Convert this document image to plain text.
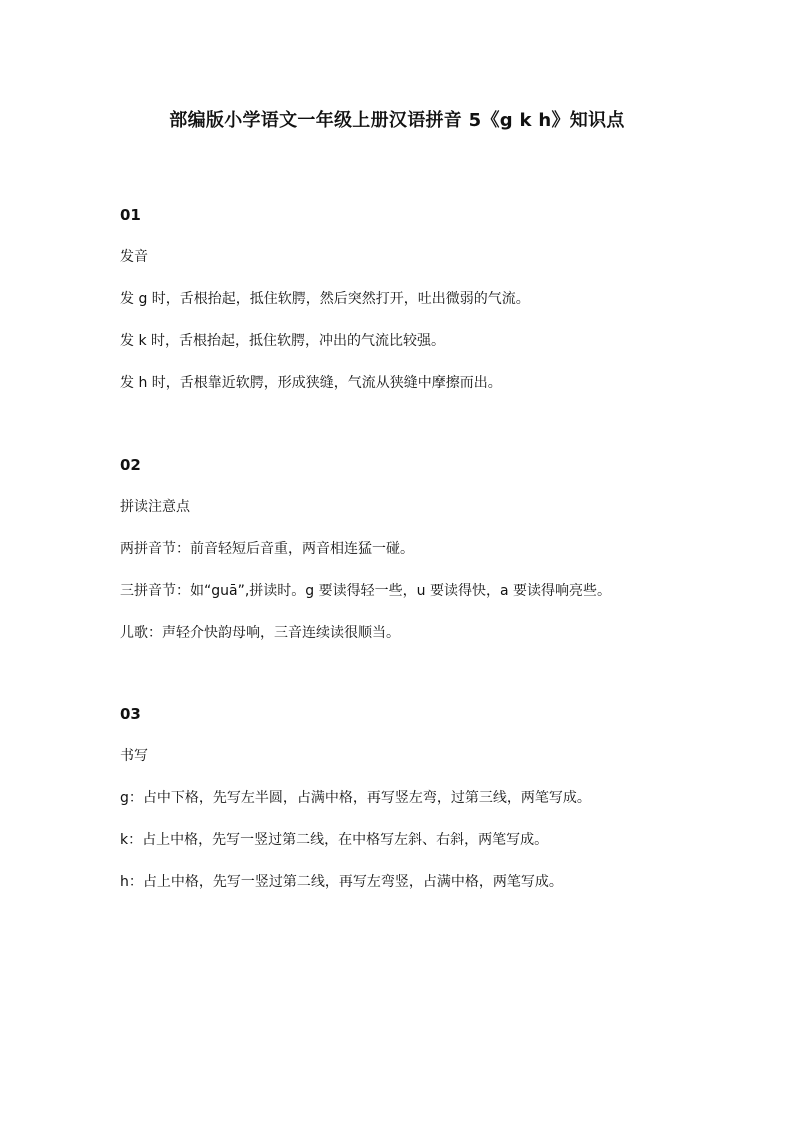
部编版小学语文一年级上册汉语拼音 5《g k h》知识点

01

发音

发 g 时，舌根抬起，抵住软腭，然后突然打开，吐出微弱的气流。

发 k 时，舌根抬起，抵住软腭，冲出的气流比较强。

发 h 时，舌根靠近软腭，形成狭缝，气流从狭缝中摩擦而出。

02

拼读注意点

两拼音节：前音轻短后音重，两音相连猛一碰。

三拼音节：如“guā”,拼读时。g 要读得轻一些，u 要读得快，a 要读得响亮些。

儿歌：声轻介快韵母响，三音连续读很顺当。

03

书写

g：占中下格，先写左半圆，占满中格，再写竖左弯，过第三线，两笔写成。

k：占上中格，先写一竖过第二线，在中格写左斜、右斜，两笔写成。

h：占上中格，先写一竖过第二线，再写左弯竖，占满中格，两笔写成。
